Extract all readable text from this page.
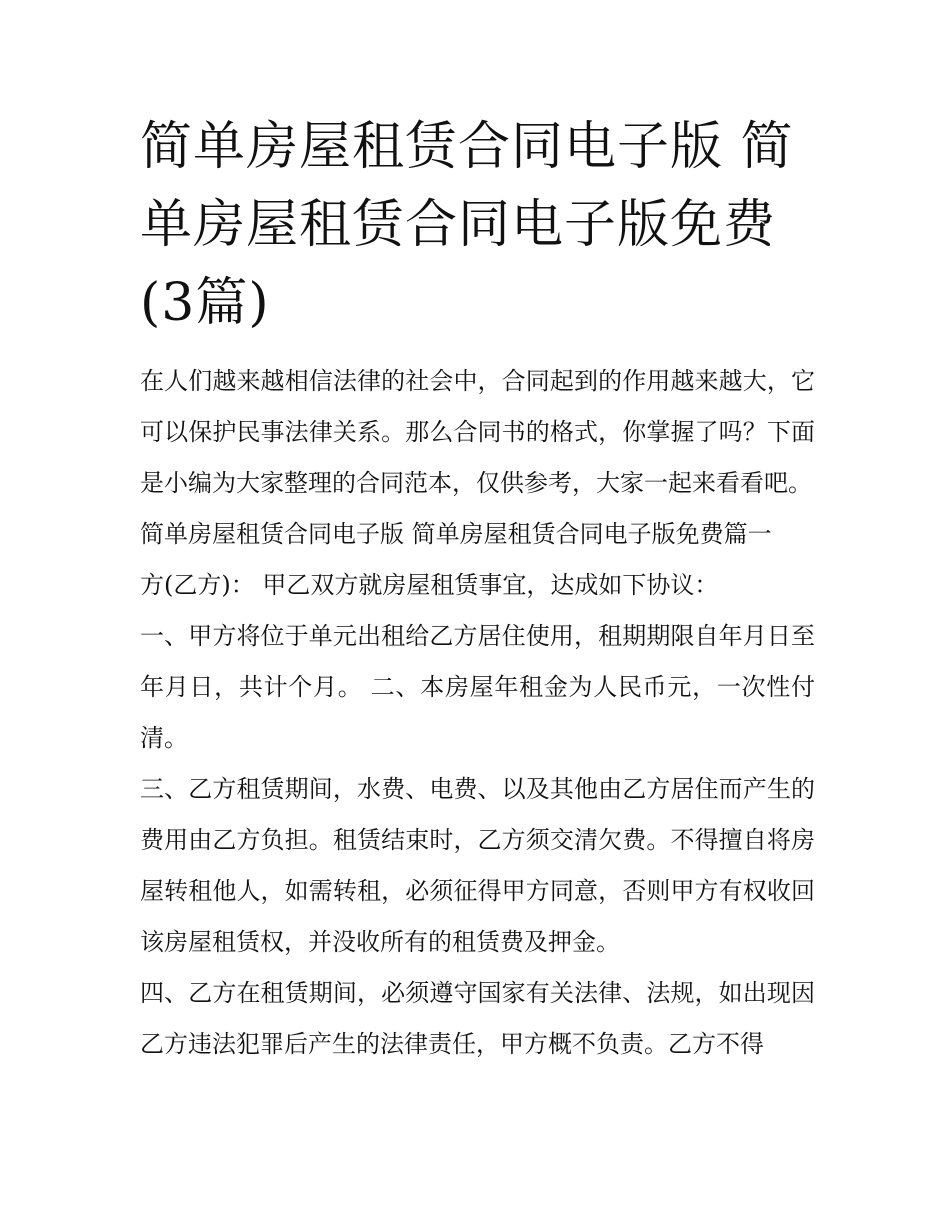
简单房屋租赁合同电子版 简单房屋租赁合同电子版免费(3篇)

在人们越来越相信法律的社会中，合同起到的作用越来越大，它可以保护民事法律关系。那么合同书的格式，你掌握了吗？下面是小编为大家整理的合同范本，仅供参考，大家一起来看看吧。

简单房屋租赁合同电子版 简单房屋租赁合同电子版免费篇一

方(乙方)： 甲乙双方就房屋租赁事宜，达成如下协议：

一、甲方将位于单元出租给乙方居住使用，租期期限自年月日至年月日，共计个月。 二、本房屋年租金为人民币元，一次性付清。

三、乙方租赁期间，水费、电费、以及其他由乙方居住而产生的费用由乙方负担。租赁结束时，乙方须交清欠费。不得擅自将房屋转租他人，如需转租，必须征得甲方同意，否则甲方有权收回该房屋租赁权，并没收所有的租赁费及押金。

四、乙方在租赁期间，必须遵守国家有关法律、法规，如出现因乙方违法犯罪后产生的法律责任，甲方概不负责。乙方不得
